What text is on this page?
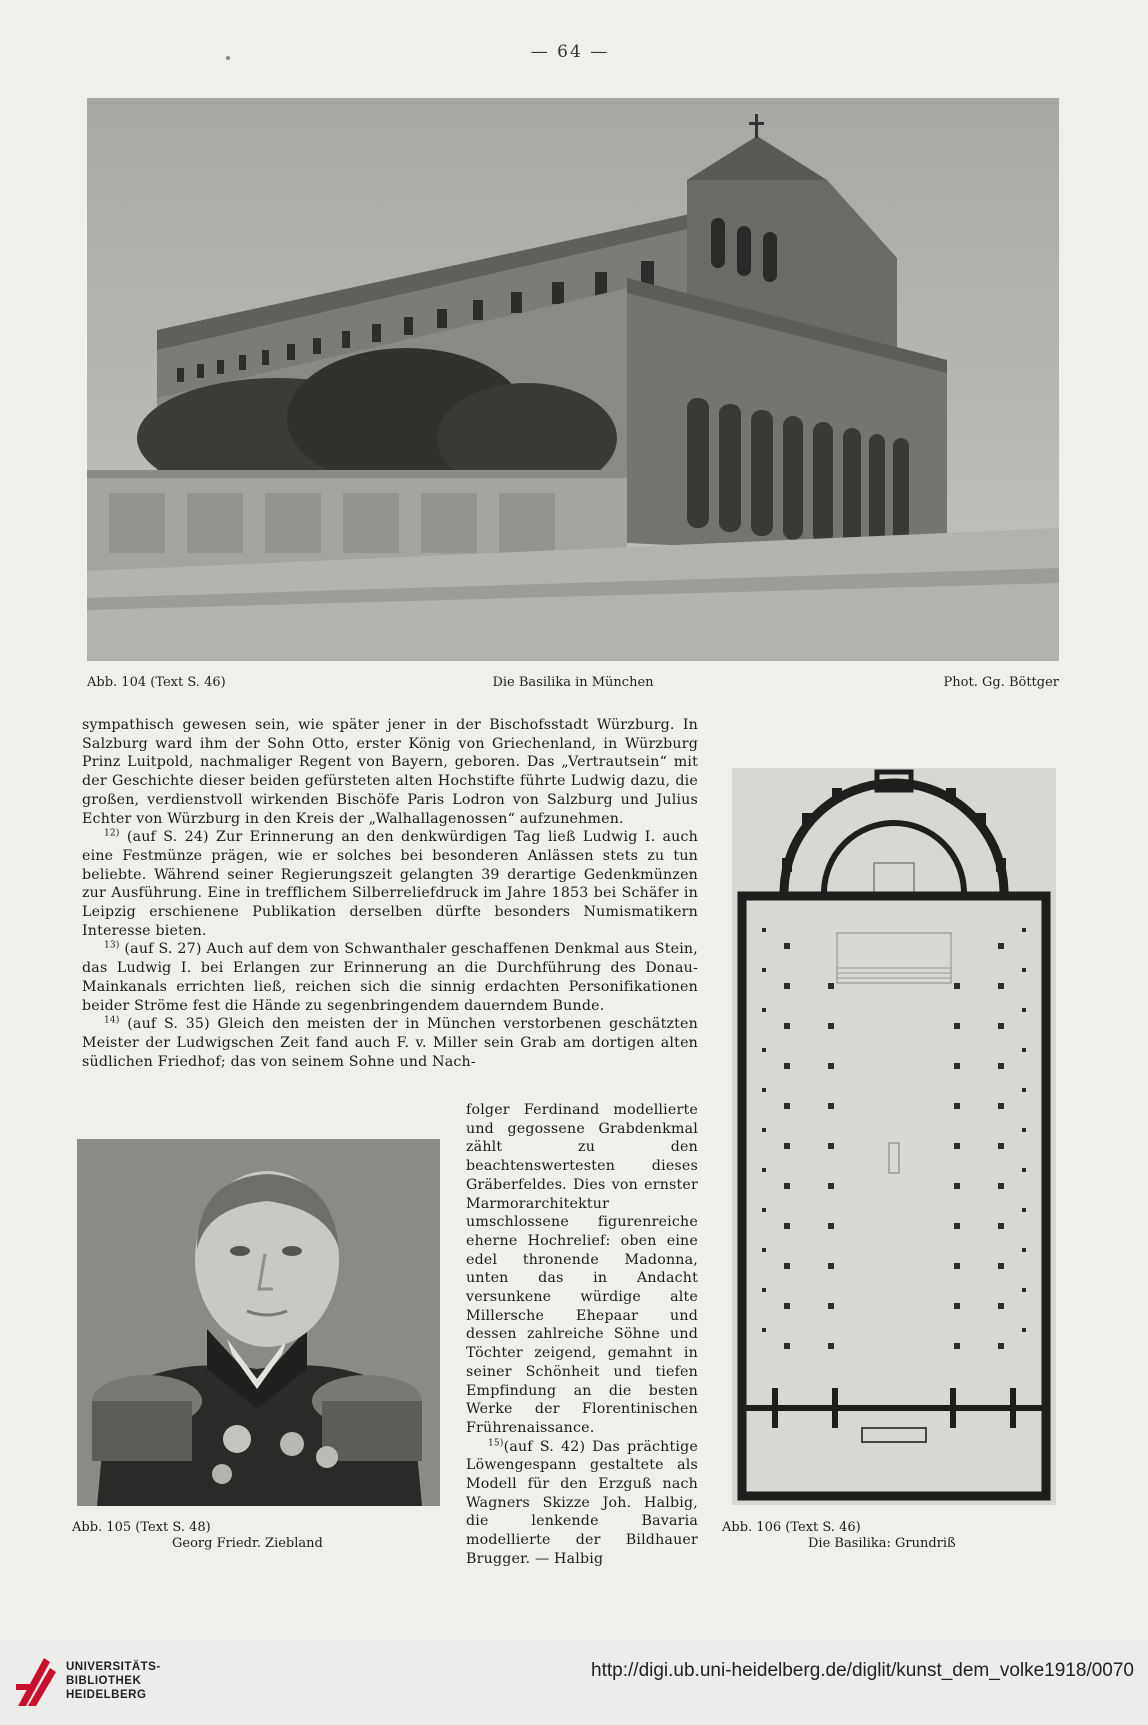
— 64 —
Die Basilika in München
Abb. 104 (Text S. 46)	Phot. Gg. Böttger

sympathisch gewesen sein, wie später jener in der Bischofsstadt Würzburg. In Salzburg ward ihm der Sohn Otto, erster König von Griechenland, in Würzburg Prinz Luitpold, nachmaliger Regent von Bayern, geboren. Das „Vertrautsein“ mit der Geschichte dieser beiden gefürsteten alten Hochstifte führte Ludwig dazu, die großen, verdienstvoll wirkenden Bischöfe Paris Lodron von Salzburg und Julius Echter von Würzburg in den Kreis der „Walhallagenossen“ aufzunehmen.

$^{12)}$ (auf S. 24) Zur Erinnerung an den denkwürdigen Tag ließ Ludwig I. auch eine Festmünze prägen, wie er solches bei besonderen Anlässen stets zu tun beliebte. Während seiner Regierungszeit gelangten 39 derartige Gedenkmünzen zur Ausführung. Eine in trefflichem Silberreliefdruck im Jahre 1853 bei Schäfer in Leipzig erschienene Publikation derselben dürfte besonders Numismatikern Interesse bieten.

$^{13)}$ (auf S. 27) Auch auf dem von Schwanthaler geschaffenen Denkmal aus Stein, das Ludwig I. bei Erlangen zur Erinnerung an die Durchführung des Donau-Mainkanals errichten ließ, reichen sich die sinnig erdachten Personifikationen beider Ströme fest die Hände zu segenbringendem dauerndem Bunde.

$^{14)}$ (auf S. 35) Gleich den meisten der in München verstorbenen geschätzten Meister der Ludwigschen Zeit fand auch F. v. Miller sein Grab am dortigen alten südlichen Friedhof; das von seinem Sohne und Nach-

folger Ferdinand modellierte und gegossene Grabdenkmal zählt zu den beachtenswertesten dieses Gräberfeldes. Dies von ernster Marmorarchitektur umschlossene figurenreiche eherne Hochrelief: oben eine edel thronende Madonna, unten das in Andacht versunkene würdige alte Millersche Ehepaar und dessen zahlreiche Söhne und Töchter zeigend, gemahnt in seiner Schönheit und tiefen Empfindung an die besten Werke der Florentinischen Frührenaissance.

$^{15)}$(auf S. 42) Das prächtige Löwengespann gestaltete als Modell für den Erzguß nach Wagners Skizze Joh. Halbig, die lenkende Bavaria modellierte der Bildhauer Brugger. — Halbig

Abb. 105 (Text S. 48)
Georg Friedr. Ziebland
Abb. 106 (Text S. 46)
Die Basilika: Grundriß
UNIVERSITÄTS-
BIBLIOTHEK
HEIDELBERG
http://digi.ub.uni-heidelberg.de/diglit/kunst_dem_volke1918/0070
